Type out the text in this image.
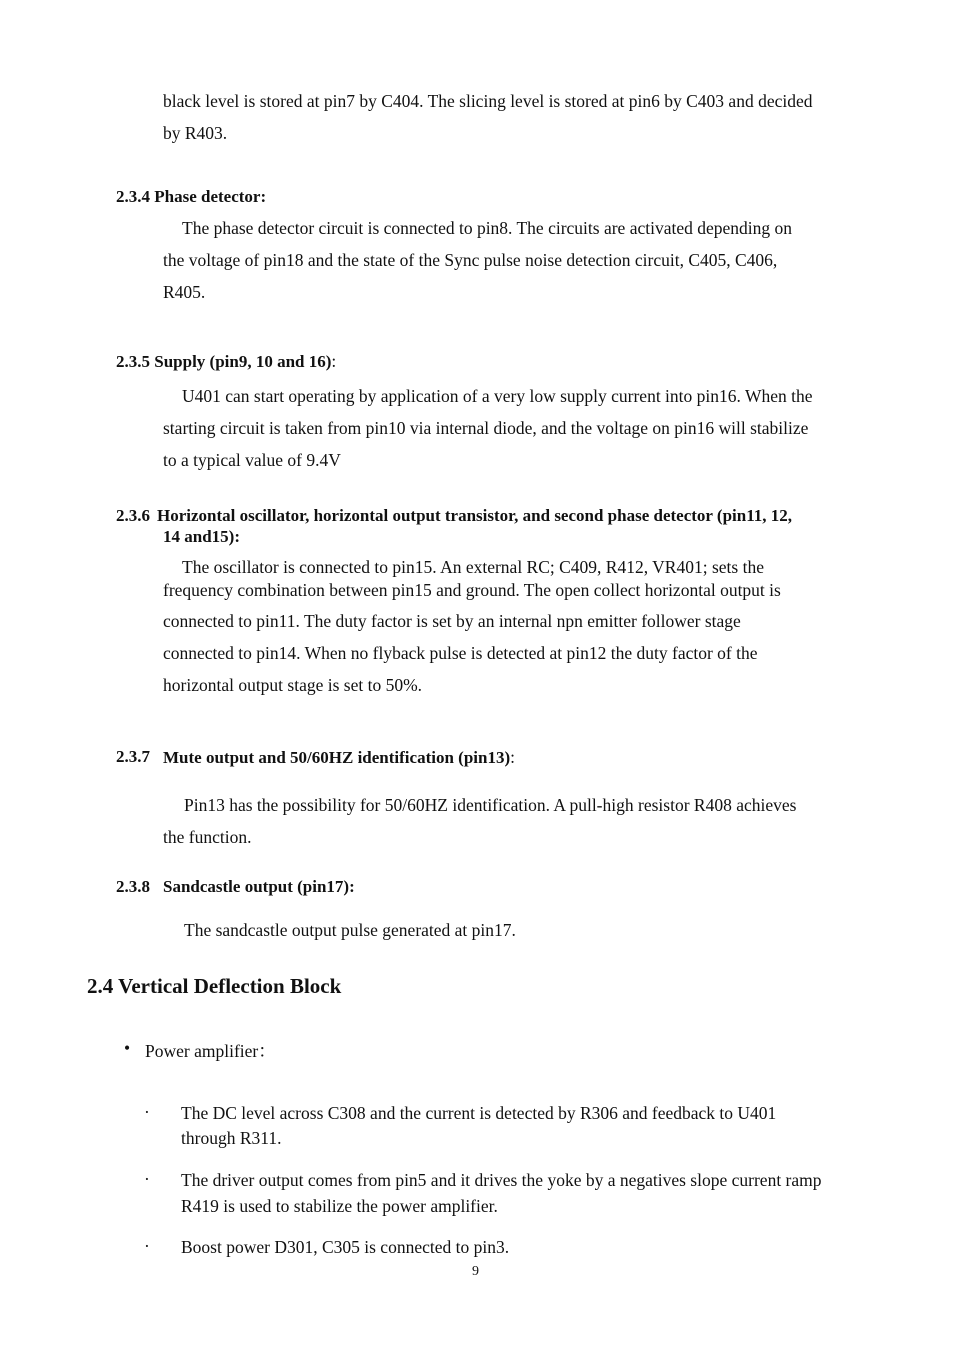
black level is stored at pin7 by C404. The slicing level is stored at pin6 by C403 and decided
by R403.
2.3.4 Phase detector:
The phase detector circuit is connected to pin8. The circuits are activated depending on
the voltage of pin18 and the state of the Sync pulse noise detection circuit, C405, C406,
R405.
2.3.5 Supply (pin9, 10 and 16):
U401 can start operating by application of a very low supply current into pin16. When the
starting circuit is taken from pin10 via internal diode, and the voltage on pin16 will stabilize
to a typical value of 9.4V
2.3.6 Horizontal oscillator, horizontal output transistor, and second phase detector (pin11, 12,
14 and15):
The oscillator is connected to pin15. An external RC; C409, R412, VR401; sets the
frequency combination between pin15 and ground. The open collect horizontal output is
connected to pin11. The duty factor is set by an internal npn emitter follower stage
connected to pin14. When no flyback pulse is detected at pin12 the duty factor of the
horizontal output stage is set to 50%.
2.3.7 Mute output and 50/60HZ identification (pin13):
Pin13 has the possibility for 50/60HZ identification. A pull-high resistor R408 achieves
the function.
2.3.8 Sandcastle output (pin17):
The sandcastle output pulse generated at pin17.
2.4 Vertical Deflection Block
• Power amplifier：
· The DC level across C308 and the current is detected by R306 and feedback to U401
through R311.
· The driver output comes from pin5 and it drives the yoke by a negatives slope current ramp
R419 is used to stabilize the power amplifier.
· Boost power D301, C305 is connected to pin3.
9
